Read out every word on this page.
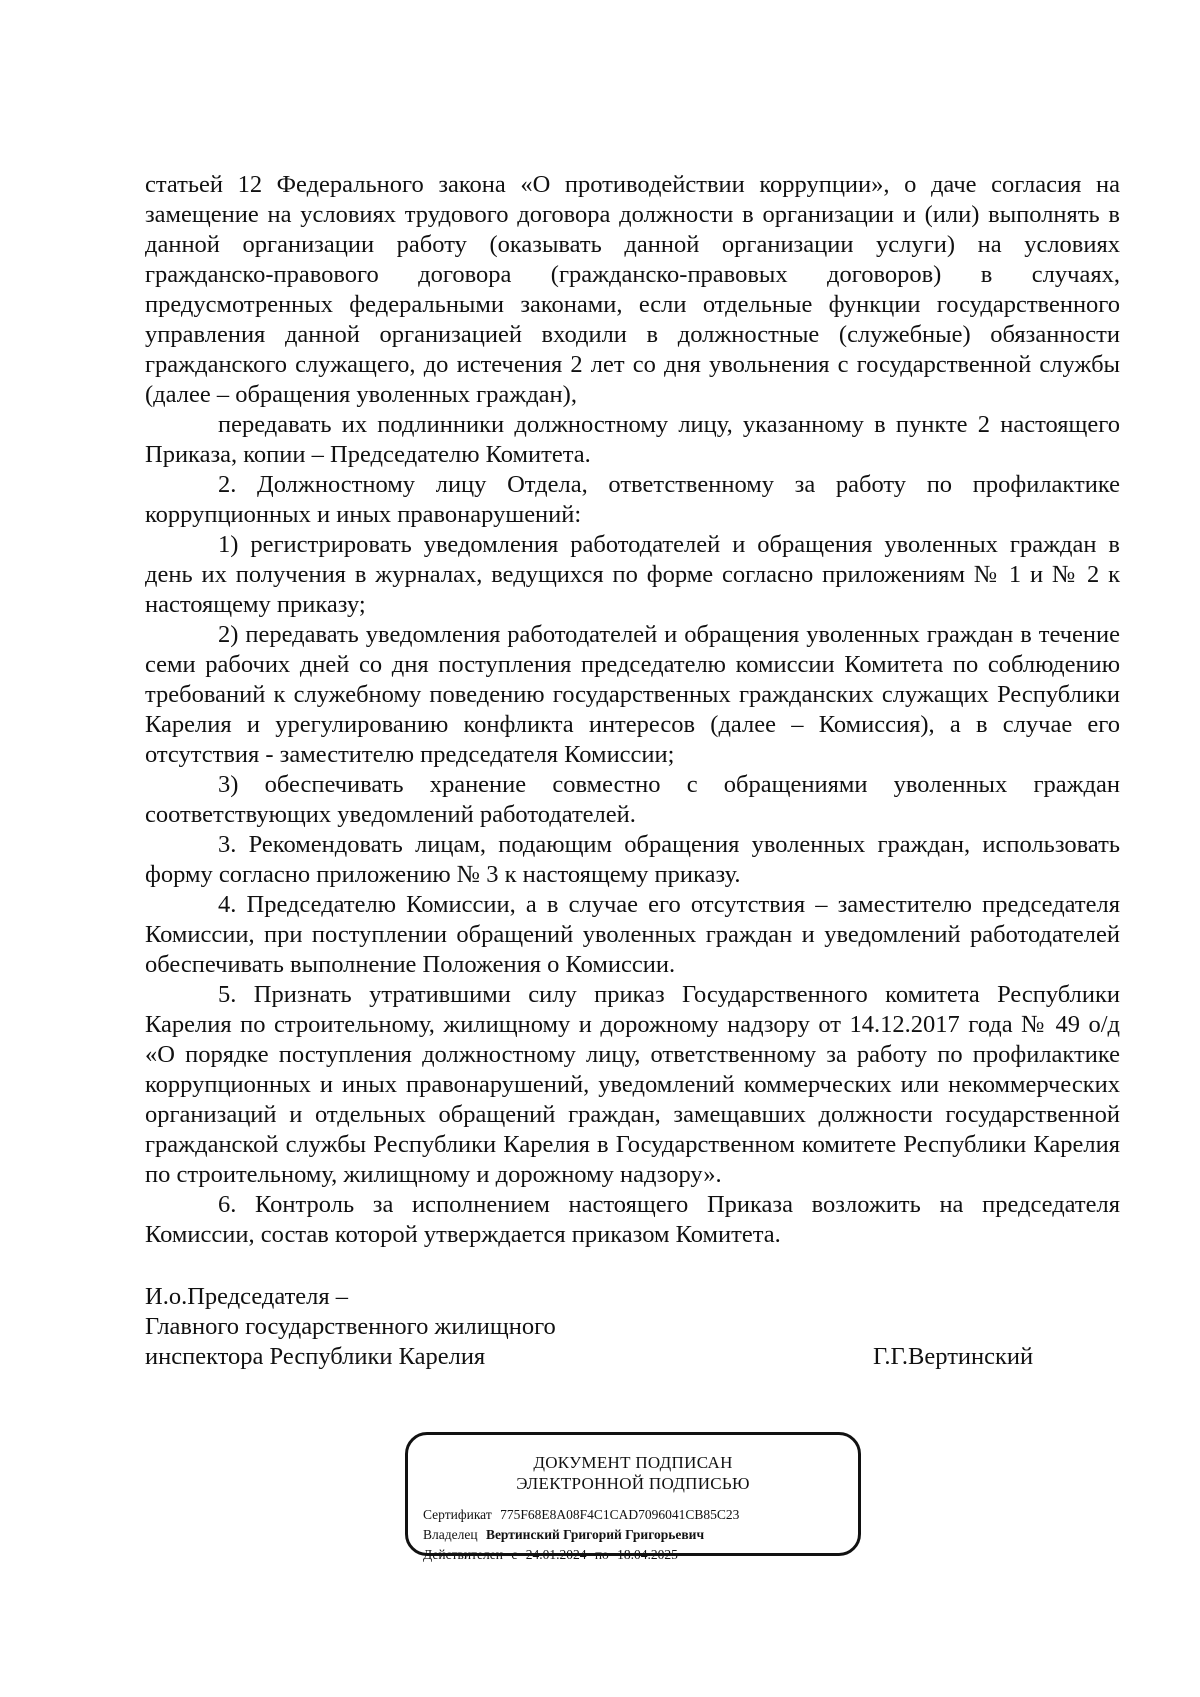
статьей 12 Федерального закона «О противодействии коррупции», о даче согласия на замещение на условиях трудового договора должности в организации и (или) выполнять в данной организации работу (оказывать данной организации услуги) на условиях гражданско-правового договора (гражданско-правовых договоров) в случаях, предусмотренных федеральными законами, если отдельные функции государственного управления данной организацией входили в должностные (служебные) обязанности гражданского служащего, до истечения 2 лет со дня увольнения с государственной службы (далее – обращения уволенных граждан),

передавать их подлинники должностному лицу, указанному в пункте 2 настоящего Приказа, копии – Председателю Комитета.

2. Должностному лицу Отдела, ответственному за работу по профилактике коррупционных и иных правонарушений:

1) регистрировать уведомления работодателей и обращения уволенных граждан в день их получения в журналах, ведущихся по форме согласно приложениям № 1 и № 2 к настоящему приказу;

2) передавать уведомления работодателей и обращения уволенных граждан в течение семи рабочих дней со дня поступления председателю комиссии Комитета по соблюдению требований к служебному поведению государственных гражданских служащих Республики Карелия и урегулированию конфликта интересов (далее – Комиссия), а в случае его отсутствия - заместителю председателя Комиссии;

3) обеспечивать хранение совместно с обращениями уволенных граждан соответствующих уведомлений работодателей.

3. Рекомендовать лицам, подающим обращения уволенных граждан, использовать форму согласно приложению № 3 к настоящему приказу.

4. Председателю Комиссии, а в случае его отсутствия – заместителю председателя Комиссии, при поступлении обращений уволенных граждан и уведомлений работодателей обеспечивать выполнение Положения о Комиссии.

5. Признать утратившими силу приказ Государственного комитета Республики Карелия по строительному, жилищному и дорожному надзору от 14.12.2017 года № 49 о/д «О порядке поступления должностному лицу, ответственному за работу по профилактике коррупционных и иных правонарушений, уведомлений коммерческих или некоммерческих организаций и отдельных обращений граждан, замещавших должности государственной гражданской службы Республики Карелия в Государственном комитете Республики Карелия по строительному, жилищному и дорожному надзору».

6. Контроль за исполнением настоящего Приказа возложить на председателя Комиссии, состав которой утверждается приказом Комитета.

И.о.Председателя –
Главного государственного жилищного
инспектора Республики Карелия	Г.Г.Вертинский
ДОКУМЕНТ ПОДПИСАН
ЭЛЕКТРОННОЙ ПОДПИСЬЮ
Сертификат 775F68E8A08F4C1CAD7096041CB85C23
Владелец Вертинский Григорий Григорьевич
Действителен с 24.01.2024 по 18.04.2025
